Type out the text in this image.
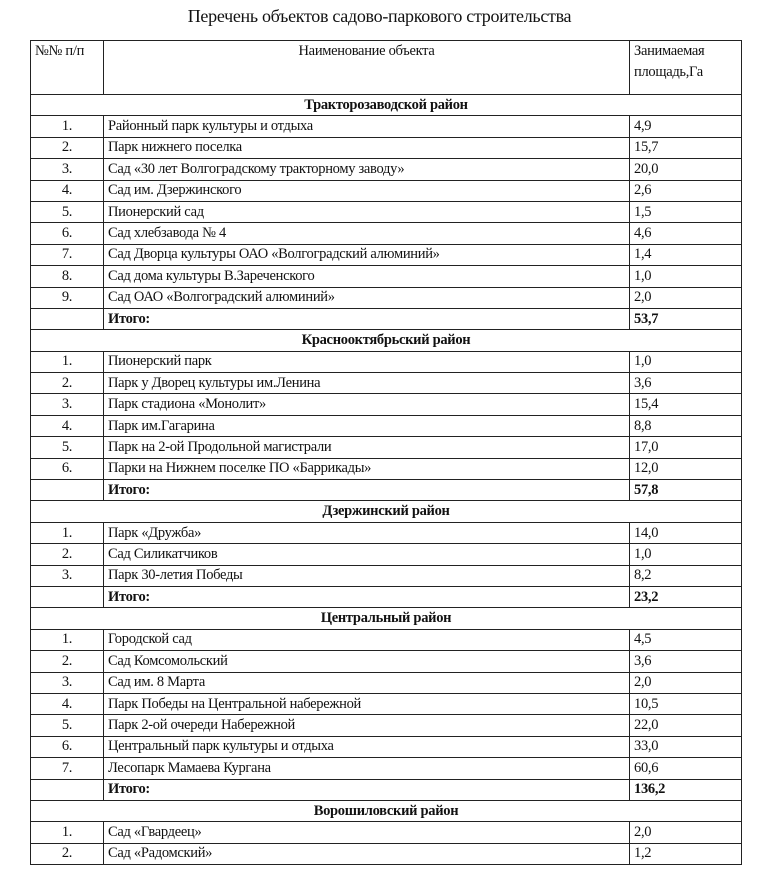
Перечень объектов садово-паркового строительства
№№ п/п	Наименование объекта	Занимаемая площадь,Га
Тракторозаводской район		
1.	Районный парк культуры и отдыха	4,9
2.	Парк нижнего поселка	15,7
3.	Сад «30 лет Волгоградскому тракторному заводу»	20,0
4.	Сад им. Дзержинского	2,6
5.	Пионерский сад	1,5
6.	Сад хлебзавода № 4	4,6
7.	Сад Дворца культуры ОАО «Волгоградский алюминий»	1,4
8.	Сад дома культуры В.Зареченского	1,0
9.	Сад ОАО «Волгоградский алюминий»	2,0
	Итого:	53,7
Краснооктябрьский район		
1.	Пионерский парк	1,0
2.	Парк у Дворец культуры им.Ленина	3,6
3.	Парк стадиона «Монолит»	15,4
4.	Парк им.Гагарина	8,8
5.	Парк на 2-ой Продольной магистрали	17,0
6.	Парки на Нижнем поселке ПО «Баррикады»	12,0
	Итого:	57,8
Дзержинский район		
1.	Парк «Дружба»	14,0
2.	Сад Силикатчиков	1,0
3.	Парк 30-летия Победы	8,2
	Итого:	23,2
Центральный район		
1.	Городской сад	4,5
2.	Сад Комсомольский	3,6
3.	Сад им. 8 Марта	2,0
4.	Парк Победы на Центральной набережной	10,5
5.	Парк 2-ой очереди Набережной	22,0
6.	Центральный парк культуры и отдыха	33,0
7.	Лесопарк Мамаева Кургана	60,6
	Итого:	136,2
Ворошиловский район		
1.	Сад «Гвардеец»	2,0
2.	Сад «Радомский»	1,2
